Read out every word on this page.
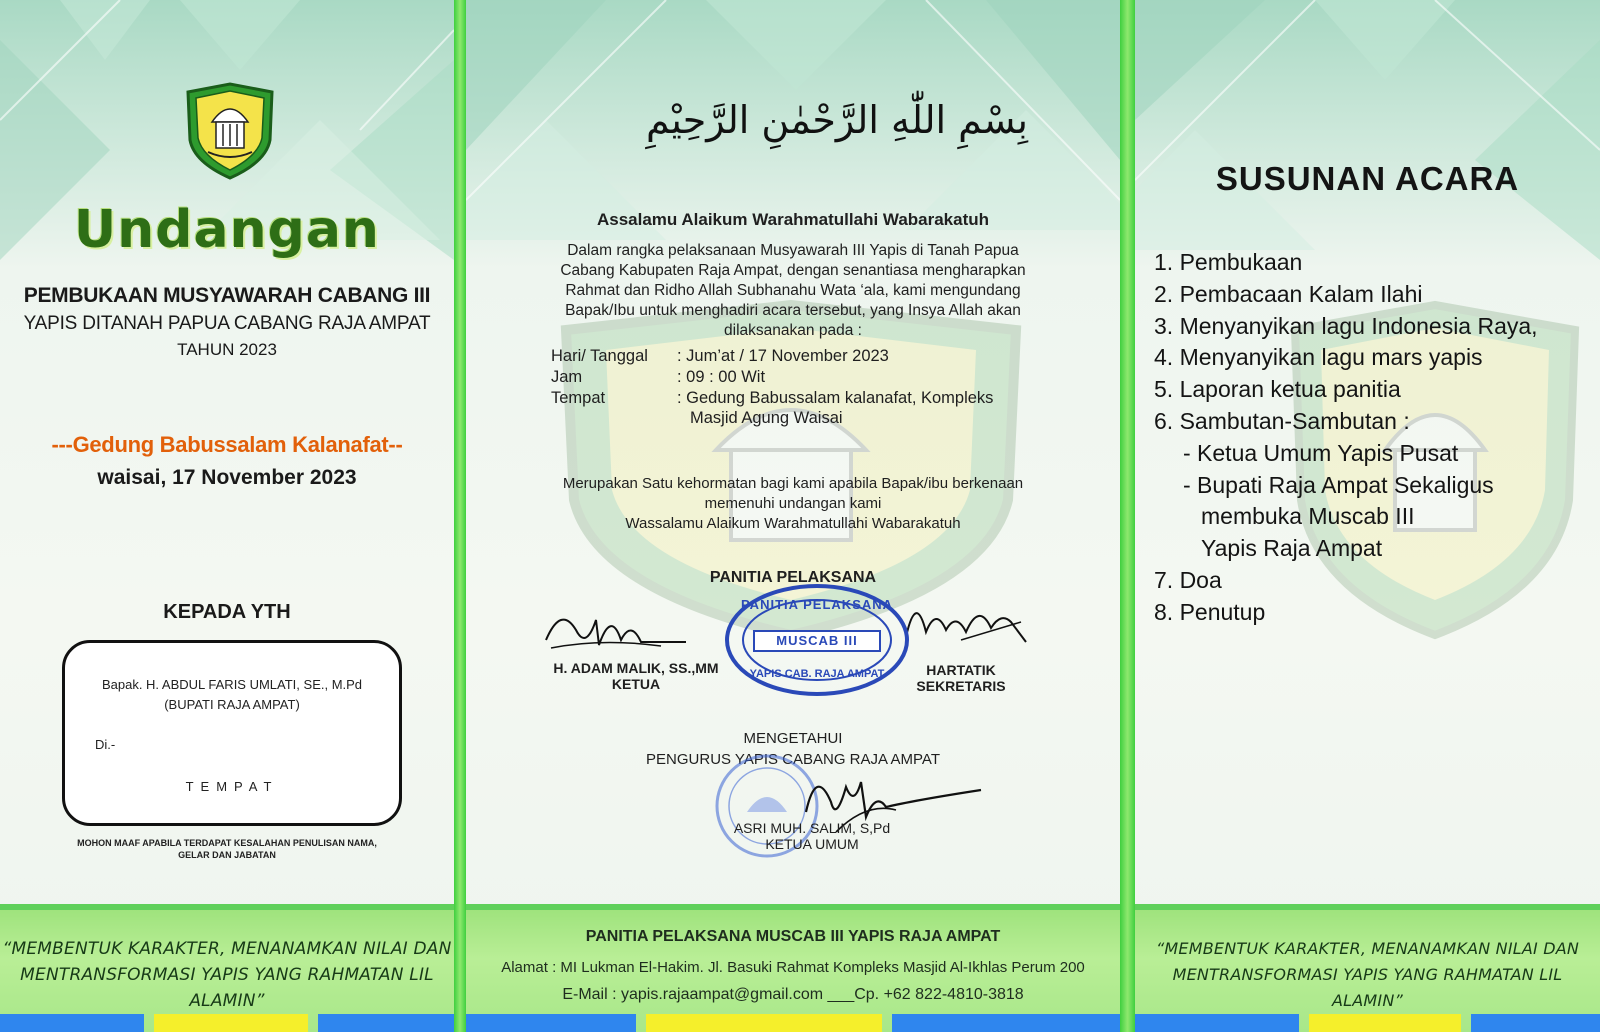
Undangan
PEMBUKAAN MUSYAWARAH CABANG III
YAPIS DITANAH PAPUA CABANG RAJA AMPAT
TAHUN 2023
---Gedung Babussalam Kalanafat--
waisai, 17 November 2023
KEPADA YTH
Bapak. H. ABDUL FARIS UMLATI, SE., M.Pd
(BUPATI RAJA AMPAT)
Di.-
TEMPAT
MOHON MAAF APABILA TERDAPAT KESALAHAN PENULISAN NAMA,
GELAR DAN JABATAN
“MEMBENTUK KARAKTER, MENANAMKAN NILAI DAN
MENTRANSFORMASI YAPIS YANG RAHMATAN LIL ALAMIN”
بِسْمِ اللّٰهِ الرَّحْمٰنِ الرَّحِيْمِ
Assalamu Alaikum Warahmatullahi Wabarakatuh
Dalam rangka pelaksanaan Musyawarah III Yapis di Tanah Papua
Cabang Kabupaten Raja Ampat, dengan senantiasa mengharapkan
Rahmat dan Ridho Allah Subhanahu Wata ‘ala, kami mengundang
Bapak/Ibu untuk menghadiri acara tersebut, yang Insya Allah akan
dilaksanakan pada :
Hari/ Tanggal : Jum’at / 17 November 2023
Jam	: 09 : 00 Wit
Tempat	: Gedung Babussalam kalanafat, Kompleks
Masjid Agung Waisai
Merupakan Satu kehormatan bagi kami apabila Bapak/ibu berkenaan
memenuhi undangan kami
Wassalamu Alaikum Warahmatullahi Wabarakatuh
PANITIA PELAKSANA
PANITIA PELAKSANA
MUSCAB III
YAPIS CAB. RAJA AMPAT
H. ADAM MALIK, SS.,MM
KETUA
HARTATIK
SEKRETARIS
MENGETAHUI
PENGURUS YAPIS CABANG RAJA AMPAT
ASRI MUH. SALIM, S,Pd
KETUA UMUM
PANITIA PELAKSANA MUSCAB III YAPIS RAJA AMPAT
Alamat : MI Lukman El-Hakim. Jl. Basuki Rahmat Kompleks Masjid Al-Ikhlas Perum 200
E-Mail : yapis.rajaampat@gmail.com ___Cp. +62 822-4810-3818
SUSUNAN ACARA
1. Pembukaan
2. Pembacaan Kalam Ilahi
3. Menyanyikan lagu Indonesia Raya,
4. Menyanyikan lagu mars yapis
5. Laporan ketua panitia
6. Sambutan-Sambutan :
- Ketua Umum Yapis Pusat
- Bupati Raja Ampat Sekaligus
membuka Muscab III
Yapis Raja Ampat
7. Doa
8. Penutup
“MEMBENTUK KARAKTER, MENANAMKAN NILAI DAN
MENTRANSFORMASI YAPIS YANG RAHMATAN LIL ALAMIN”
